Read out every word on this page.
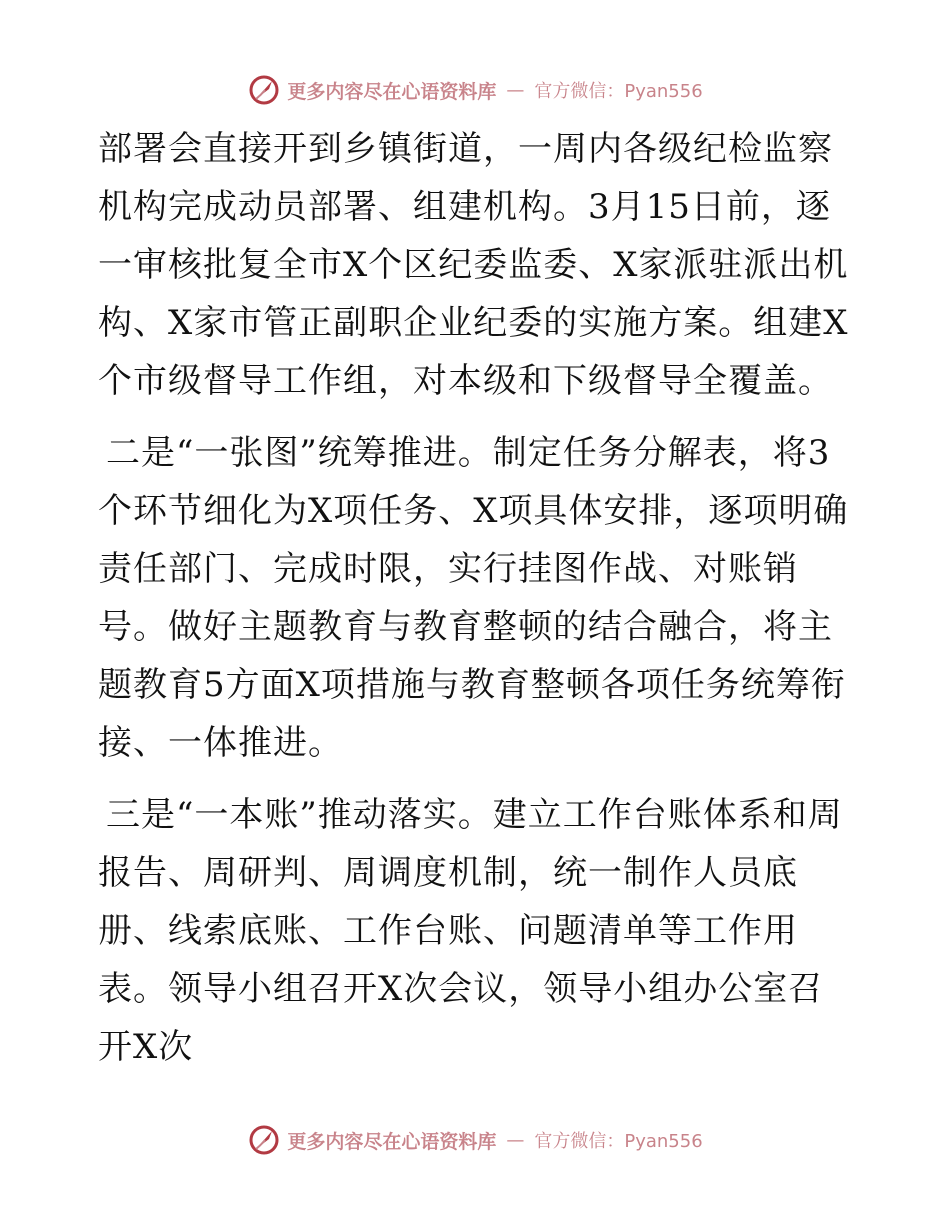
更多内容尽在心语资料库 — 官方微信：Pyan556

部署会直接开到乡镇街道，一周内各级纪检监察机构完成动员部署、组建机构。3月15日前，逐一审核批复全市X个区纪委监委、X家派驻派出机构、X家市管正副职企业纪委的实施方案。组建X个市级督导工作组，对本级和下级督导全覆盖。

二是“一张图”统筹推进。制定任务分解表，将3个环节细化为X项任务、X项具体安排，逐项明确责任部门、完成时限，实行挂图作战、对账销号。做好主题教育与教育整顿的结合融合，将主题教育5方面X项措施与教育整顿各项任务统筹衔接、一体推进。

三是“一本账”推动落实。建立工作台账体系和周报告、周研判、周调度机制，统一制作人员底册、线索底账、工作台账、问题清单等工作用表。领导小组召开X次会议，领导小组办公室召开X次

更多内容尽在心语资料库 — 官方微信：Pyan556
